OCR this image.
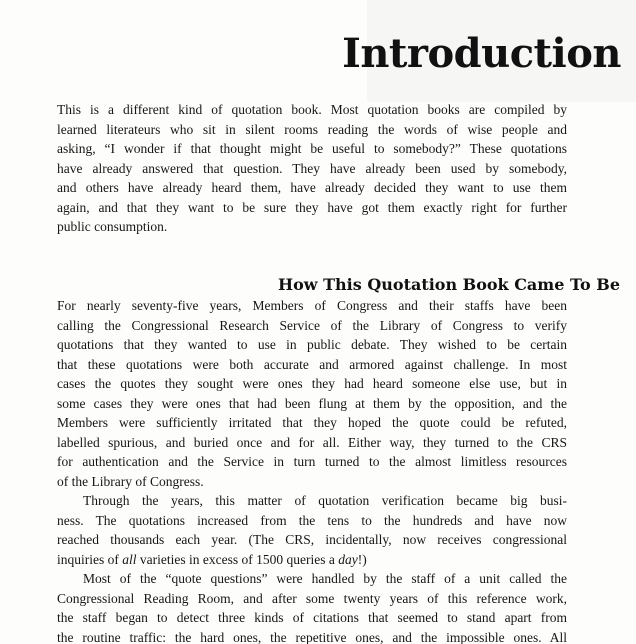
Introduction
This is a different kind of quotation book. Most quotation books are compiled by
learned literateurs who sit in silent rooms reading the words of wise people and
asking, “I wonder if that thought might be useful to somebody?” These quotations
have already answered that question. They have already been used by somebody,
and others have already heard them, have already decided they want to use them
again, and that they want to be sure they have got them exactly right for further
public consumption.
How This Quotation Book Came To Be
For nearly seventy-five years, Members of Congress and their staffs have been
calling the Congressional Research Service of the Library of Congress to verify
quotations that they wanted to use in public debate. They wished to be certain
that these quotations were both accurate and armored against challenge. In most
cases the quotes they sought were ones they had heard someone else use, but in
some cases they were ones that had been flung at them by the opposition, and the
Members were sufficiently irritated that they hoped the quote could be refuted,
labelled spurious, and buried once and for all. Either way, they turned to the CRS
for authentication and the Service in turn turned to the almost limitless resources
of the Library of Congress.
Through the years, this matter of quotation verification became big busi-
ness. The quotations increased from the tens to the hundreds and have now
reached thousands each year. (The CRS, incidentally, now receives congressional
inquiries of all varieties in excess of 1500 queries a day!)
Most of the “quote questions” were handled by the staff of a unit called the
Congressional Reading Room, and after some twenty years of this reference work,
the staff began to detect three kinds of citations that seemed to stand apart from
the routine traffic: the hard ones, the repetitive ones, and the impossible ones. All
